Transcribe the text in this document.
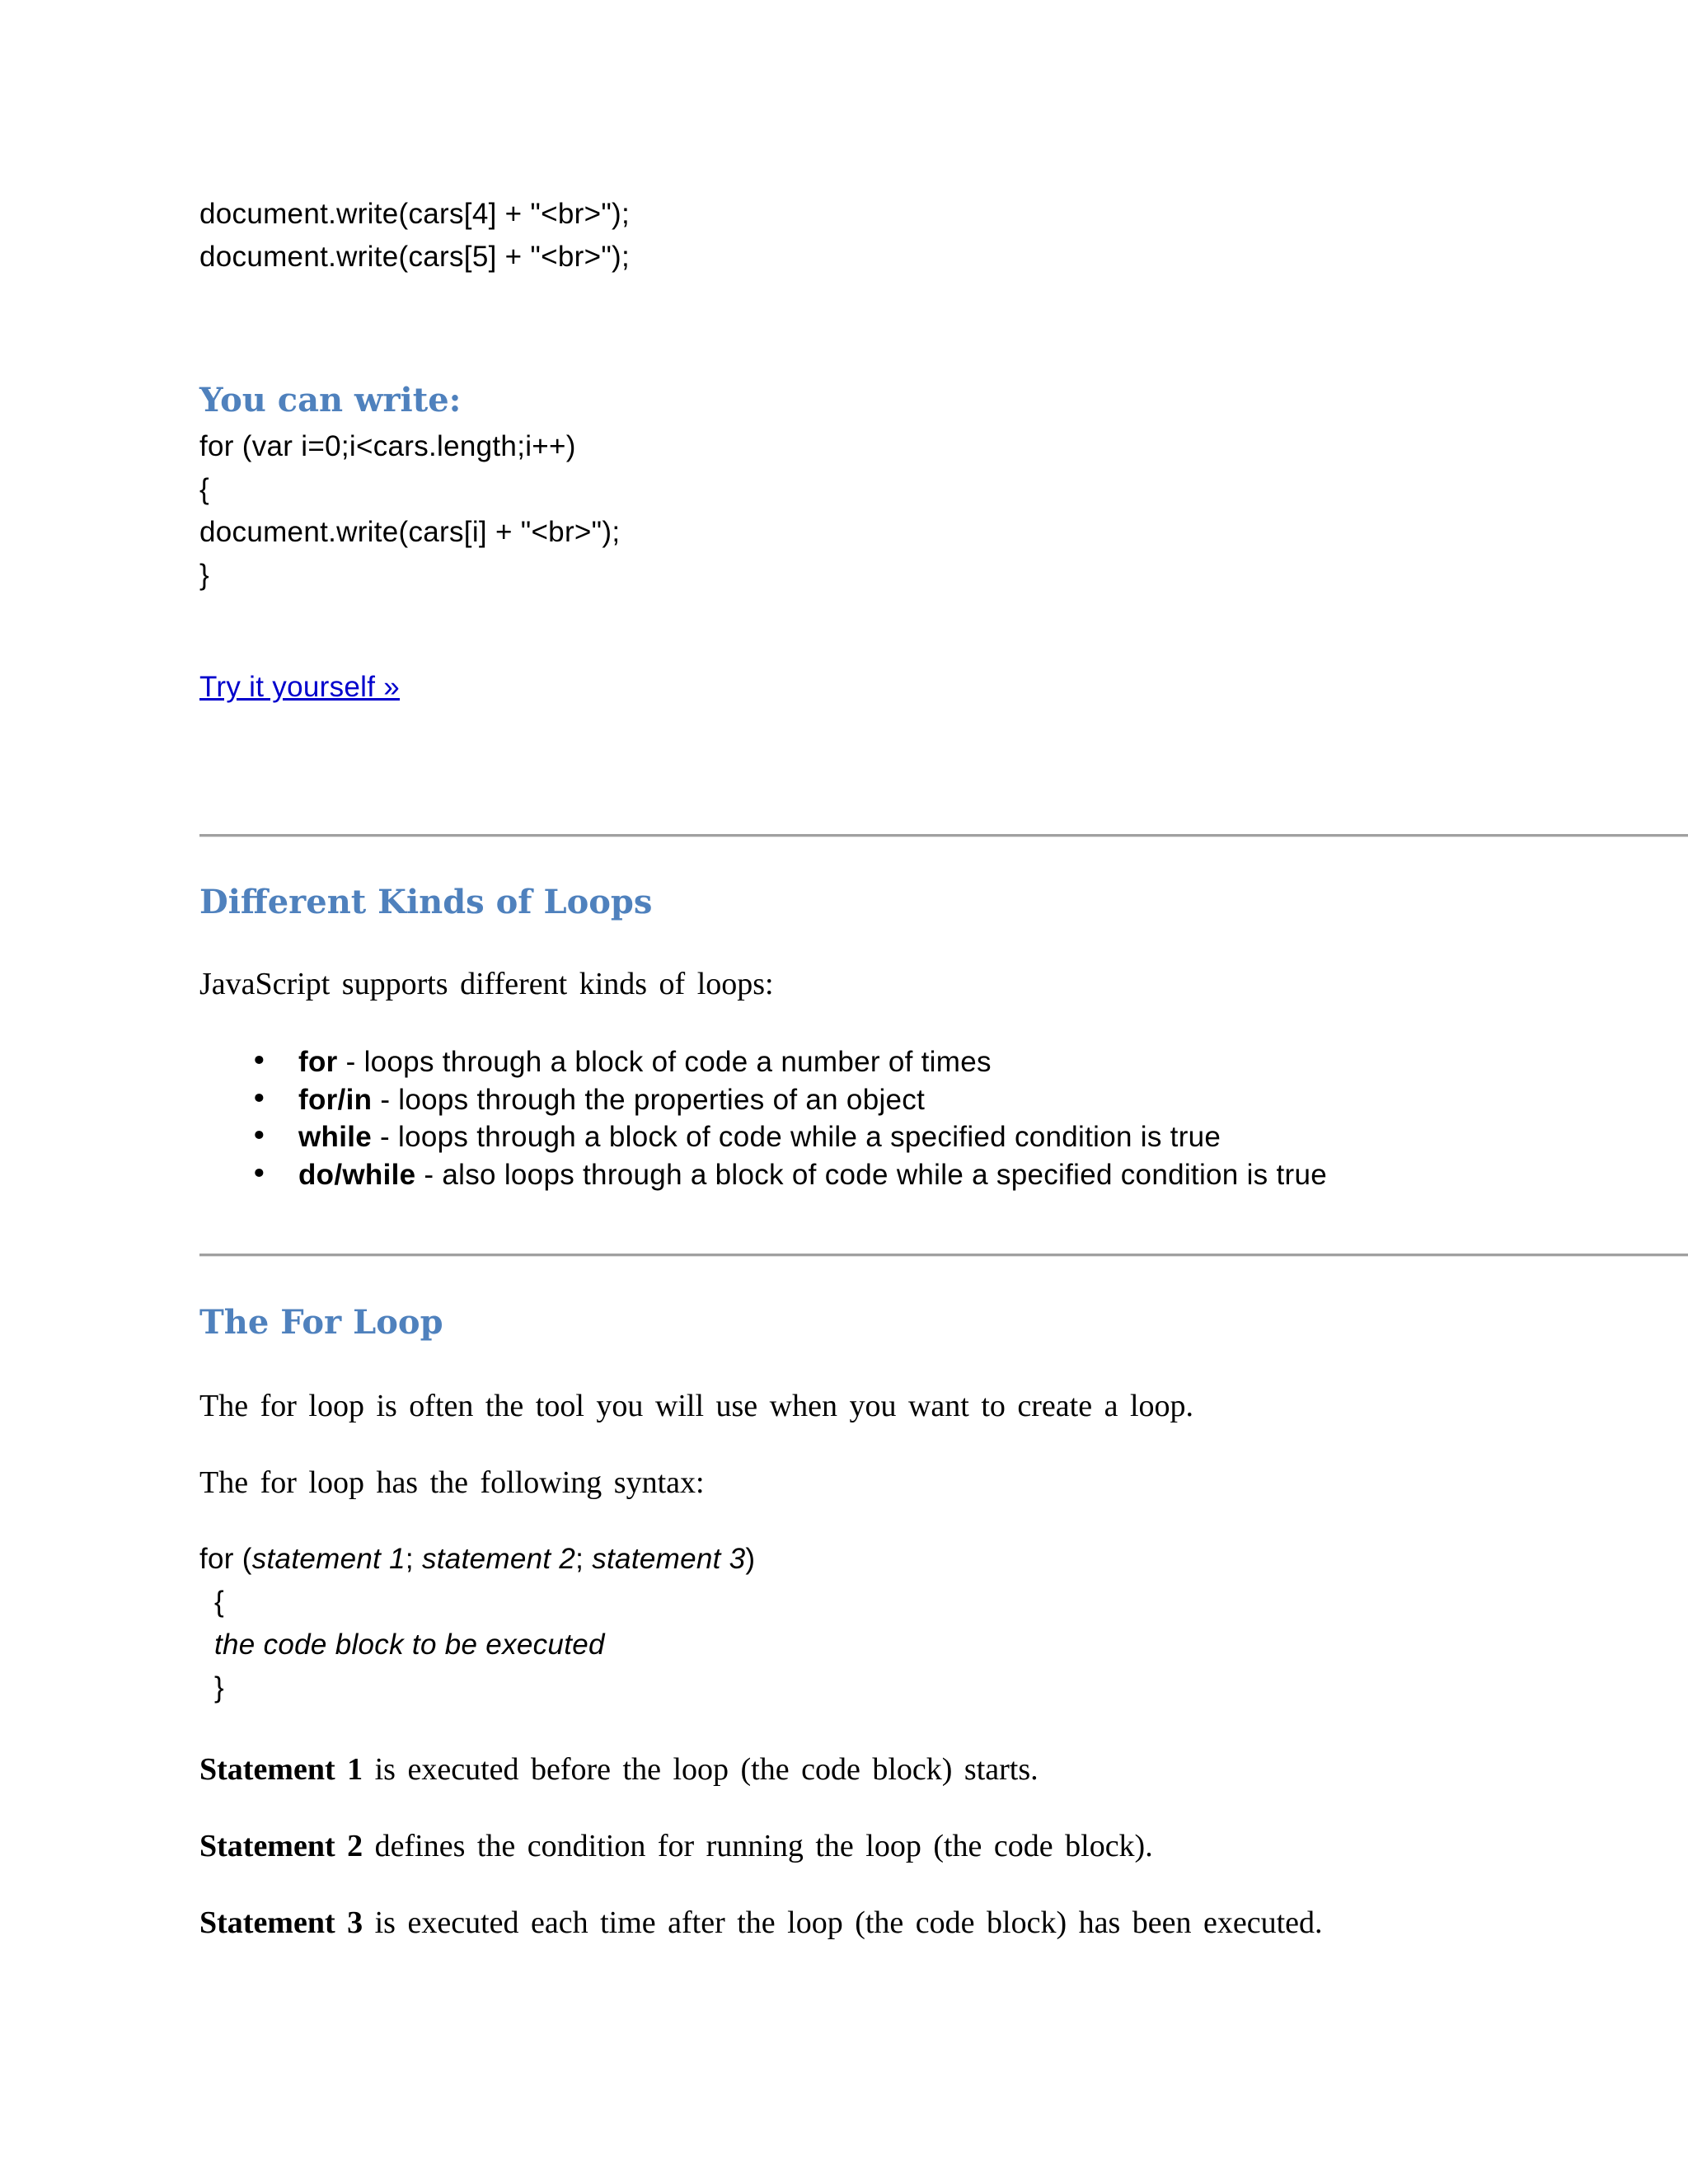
document.write(cars[4] + "<br>");
document.write(cars[5] + "<br>");
You can write:
for (var i=0;i<cars.length;i++)
{
document.write(cars[i] + "<br>");
}
Try it yourself »
Different Kinds of Loops

JavaScript supports different kinds of loops:

• for - loops through a block of code a number of times
• for/in - loops through the properties of an object
• while - loops through a block of code while a specified condition is true
• do/while - also loops through a block of code while a specified condition is true
The For Loop

The for loop is often the tool you will use when you want to create a loop.

The for loop has the following syntax:

for (statement 1; statement 2; statement 3)
{
the code block to be executed
}

Statement 1 is executed before the loop (the code block) starts.

Statement 2 defines the condition for running the loop (the code block).

Statement 3 is executed each time after the loop (the code block) has been executed.
